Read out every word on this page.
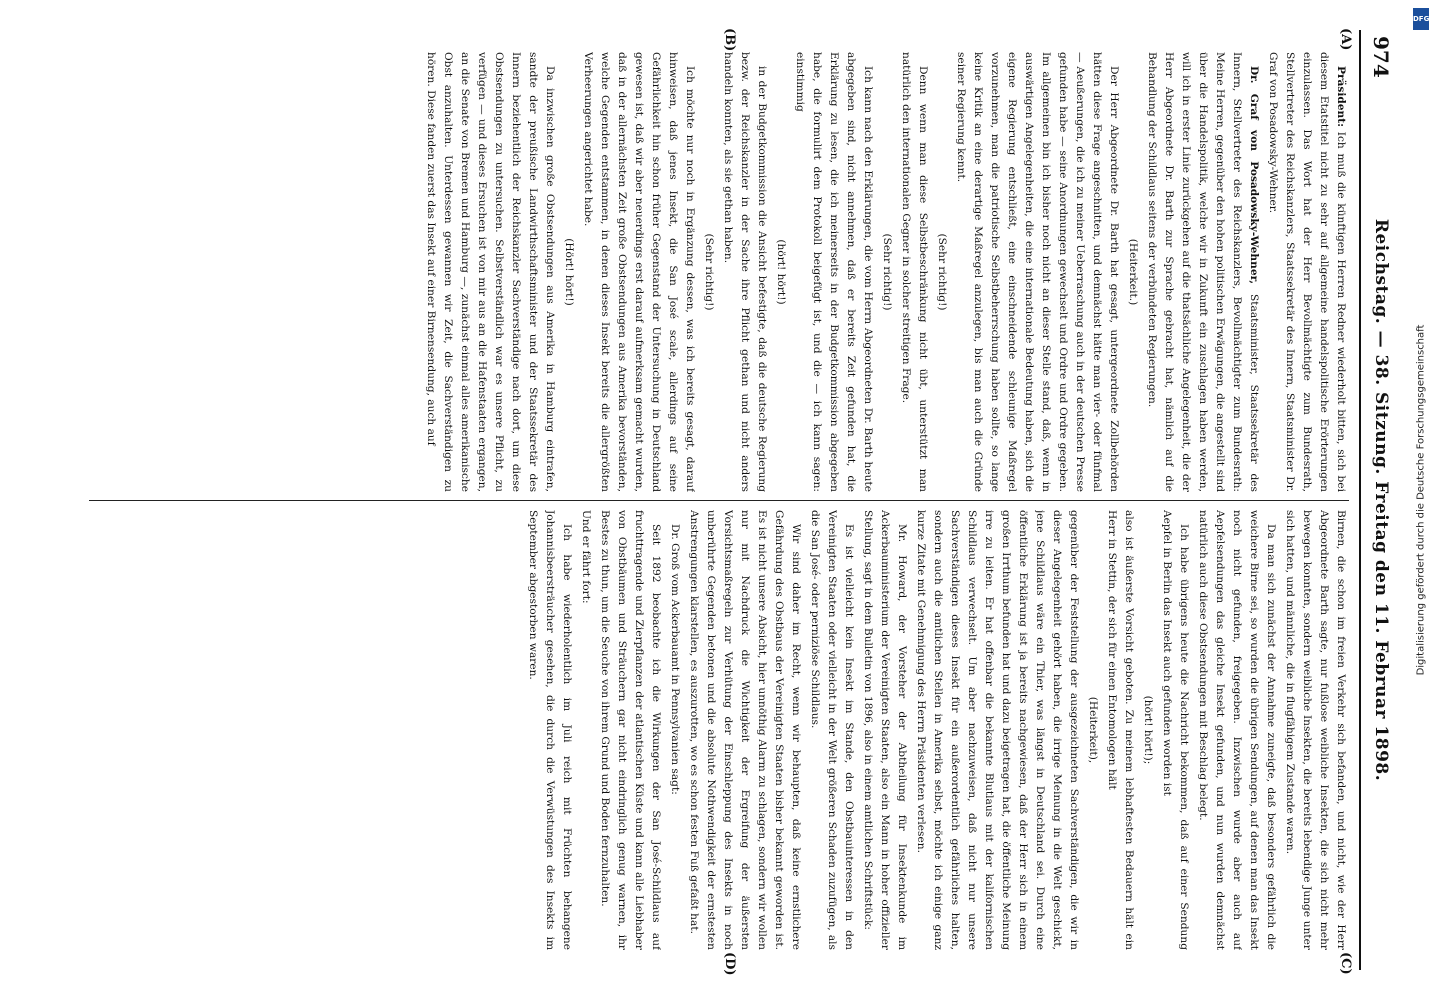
974
Reichstag. — 38. Sitzung. Freitag den 11. Februar 1898.
(A)
(B)
(C)
(D)

Präsident: Ich muß die künftigen Herren Redner wiederholt bitten, sich bei diesem Etatstitel nicht zu sehr auf allgemeine handelspolitische Erörterungen einzulassen. Das Wort hat der Herr Bevollmächtigte zum Bundesrath, Stellvertreter des Reichskanzlers, Staatssekretär des Innern, Staatsminister Dr. Graf von Posadowsky-Wehner.

Dr. Graf von Posadowsky-Wehner, Staatsminister, Staatssekretär des Innern, Stellvertreter des Reichskanzlers, Bevollmächtigter zum Bundesrath: Meine Herren, gegenüber den hohen politischen Erwägungen, die angestellt sind über die Handelspolitik, welche wir in Zukunft ein zuschlagen haben werden, will ich in erster Linie zurückgehen auf die thatsächliche Angelegenheit, die der Herr Abgeordnete Dr. Barth zur Sprache gebracht hat, nämlich auf die Behandlung der Schildlaus seitens der verbündeten Regierungen.

(Heiterkeit.)

Der Herr Abgeordnete Dr. Barth hat gesagt, untergeordnete Zollbehörden hätten diese Frage angeschnitten, und demnächst hätte man vier- oder fünfmal — Aeußerungen, die ich zu meiner Ueberraschung auch in der deutschen Presse gefunden habe — seine Anordnungen gewechselt und Ordre und Ordre gegeben. Im allgemeinen bin ich bisher noch nicht an dieser Stelle stand, daß, wenn in auswärtigen Angelegenheiten, die eine internationale Bedeutung haben, sich die eigene Regierung entschließt, eine einschneidende schleunige Maßregel vorzunehmen, man die patriotische Selbstbeherrschung haben sollte, so lange keine Kritik an eine derartige Maßregel anzulegen, bis man auch die Gründe seiner Regierung kennt.

(Sehr richtig!)

Denn wenn man diese Selbstbeschränkung nicht übt, unterstützt man natürlich den internationalen Gegner in solcher streitigen Frage.

(Sehr richtig!)

Ich kann nach den Erklärungen, die vom Herrn Abgeordneten Dr. Barth heute abgegeben sind, nicht annehmen, daß er bereits Zeit gefunden hat, die Erklärung zu lesen, die ich meinerseits in der Budgetkommission abgegeben habe, die formulirt dem Protokoll beigefügt ist, und die — ich kann sagen: einstimmig

(hört! hört!)

in der Budgetkommission die Ansicht befestigte, daß die deutsche Regierung bezw. der Reichskanzler in der Sache ihre Pflicht gethan und nicht anders handeln konnten, als sie gethan haben.

(Sehr richtig!)

Ich möchte nur noch in Ergänzung dessen, was ich bereits gesagt, darauf hinweisen, daß jenes Insekt, die San José scale, allerdings auf seine Gefährlichkeit hin schon früher Gegenstand der Untersuchung in Deutschland gewesen ist, daß wir aber neuerdings erst darauf aufmerksam gemacht wurden, daß in der allernächsten Zeit große Obstsendungen aus Amerika bevorständen, welche Gegenden entstammen, in denen dieses Insekt bereits die allergrößten Verheerungen angerichtet habe.

(Hört! hört!)

Da inzwischen große Obstsendungen aus Amerika in Hamburg eintrafen, sandte der preußische Landwirthschaftsminister und der Staatssekretär des Innern beziehentlich der Reichskanzler Sachverständige nach dort, um diese Obstsendungen zu untersuchen. Selbstverständlich war es unsere Pflicht, zu verfügen — und dieses Ersuchen ist von mir aus an die Hafenstaaten ergangen, an die Senate von Bremen und Hamburg —, zunächst einmal alles amerikanische Obst anzuhalten. Unterdessen gewannen wir Zeit, die Sachverständigen zu hören. Diese fanden zuerst das Insekt auf einer Birnensendung, auch auf

Birnen, die schon im freien Verkehr sich befanden, und nicht, wie der Herr Abgeordnete Barth sagte, nur fußlose weibliche Insekten, die sich nicht mehr bewegen konnten, sondern weibliche Insekten, die bereits lebendige Junge unter sich hatten, und männliche, die in flugfähigem Zustande waren.

Da man sich zunächst der Annahme zuneigte, daß besonders gefährlich die weichere Birne sei, so wurden die übrigen Sendungen, auf denen man das Insekt noch nicht gefunden, freigegeben. Inzwischen wurde aber auch auf Aepfelsendungen das gleiche Insekt gefunden, und nun wurden demnächst natürlich auch diese Obstsendungen mit Beschlag belegt.

Ich habe übrigens heute die Nachricht bekommen, daß auf einer Sendung Aepfel in Berlin das Insekt auch gefunden worden ist

(hört! hört!);

also ist äußerste Vorsicht geboten. Zu meinem lebhaftesten Bedauern hält ein Herr in Stettin, der sich für einen Entomologen hält

(Heiterkeit),

gegenüber der Feststellung der ausgezeichneten Sachverständigen, die wir in dieser Angelegenheit gehört haben, die irrige Meinung in die Welt geschickt, jene Schildlaus wäre ein Thier, was längst in Deutschland sei. Durch eine öffentliche Erklärung ist ja bereits nachgewiesen, daß der Herr sich in einem großen Irrthum befunden hat und dazu beigetragen hat, die öffentliche Meinung irre zu leiten. Er hat offenbar die bekannte Blutlaus mit der kalifornischen Schildlaus verwechselt. Um aber nachzuweisen, daß nicht nur unsere Sachverständigen dieses Insekt für ein außerordentlich gefährliches halten, sondern auch die amtlichen Stellen in Amerika selbst, möchte ich einige ganz kurze Zitate mit Genehmigung des Herrn Präsidenten verlesen.

Mr. Howard, der Vorsteher der Abtheilung für Insektenkunde im Ackerbauministerium der Vereinigten Staaten, also ein Mann in hoher offizieller Stellung, sagt in dem Bulletin von 1896, also in einem amtlichen Schriftstück:

Es ist vielleicht kein Insekt im Stande, den Obstbauinteressen in den Vereinigten Staaten oder vielleicht in der Welt größeren Schaden zuzufügen, als die San José- oder perniziöse Schildlaus.

Wir sind daher im Recht, wenn wir behaupten, daß keine ernstlichere Gefährdung des Obstbaus der Vereinigten Staaten bisher bekannt geworden ist. Es ist nicht unsere Absicht, hier unnöthig Alarm zu schlagen, sondern wir wollen nur mit Nachdruck die Wichtigkeit der Ergreifung der äußersten Vorsichtsmaßregeln zur Verhütung der Einschleppung des Insekts in noch unberührte Gegenden betonen und die absolute Nothwendigkeit der ernstesten Anstrengungen klarstellen, es auszurotten, wo es schon festen Fuß gefaßt hat.

Dr. Groß vom Ackerbauamt in Pennsylvanien sagt:

Seit 1892 beobachte ich die Wirkungen der San José-Schildlaus auf fruchttragende und Zierpflanzen der atlantischen Küste und kann alle Liebhaber von Obstbäumen und Sträuchern gar nicht eindringlich genug warnen, ihr Bestes zu thun, um die Seuche von ihrem Grund und Boden fernzuhalten.

Und er fährt fort:

Ich habe wiederholentlich im Juli reich mit Früchten behangene Johannisbeersträucher gesehen, die durch die Verwüstungen des Insekts im September abgestorben waren.

DFG
Digitalisierung gefördert durch die Deutsche Forschungsgemeinschaft
